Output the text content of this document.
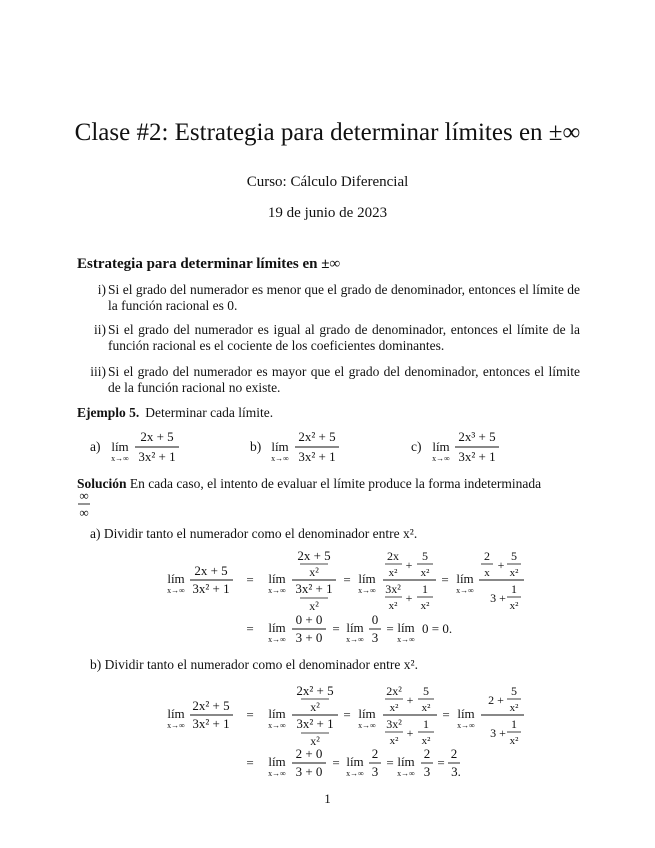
Clase #2: Estrategia para determinar límites en ±∞
Curso: Cálculo Diferencial
19 de junio de 2023
Estrategia para determinar límites en ±∞
i) Si el grado del numerador es menor que el grado de denominador, entonces el límite de la función racional es 0.
ii) Si el grado del numerador es igual al grado de denominador, entonces el límite de la función racional es el cociente de los coeficientes dominantes.
iii) Si el grado del numerador es mayor que el grado del denominador, entonces el límite de la función racional no existe.
Ejemplo 5. Determinar cada límite.
Solución En cada caso, el intento de evaluar el límite produce la forma indeterminada
a) Dividir tanto el numerador como el denominador entre x².
b) Dividir tanto el numerador como el denominador entre x².
1
a) lím
x→∞
2x + 5
3x² + 1
b) lím
x→∞
2x² + 5
3x² + 1
c) lím
x→∞
2x³ + 5
3x² + 1
∞
∞
lím
x→∞
2x + 5
3x² + 1
= lím
x→∞
2x + 5
x²
3x² + 1
x²
= lím
x→∞
2x
x²
+
5
x²
3x²
x²
+
1
x²
= lím
x→∞
2
x
+
5
x²
3 +
1
x²
= lím
x→∞
0 + 0
3 + 0
= lím
x→∞
0
3
= lím
x→∞
0 = 0.
lím
x→∞
2x² + 5
3x² + 1
= lím
x→∞
2x² + 5
x²
3x² + 1
x²
= lím
x→∞
2x²
x²
+
5
x²
3x²
x²
+
1
x²
= lím
x→∞
2 +
5
x²
3 +
1
x²
= lím
x→∞
2 + 0
3 + 0
= lím
x→∞
2
3
= lím
x→∞
2
3
=
2
3.
